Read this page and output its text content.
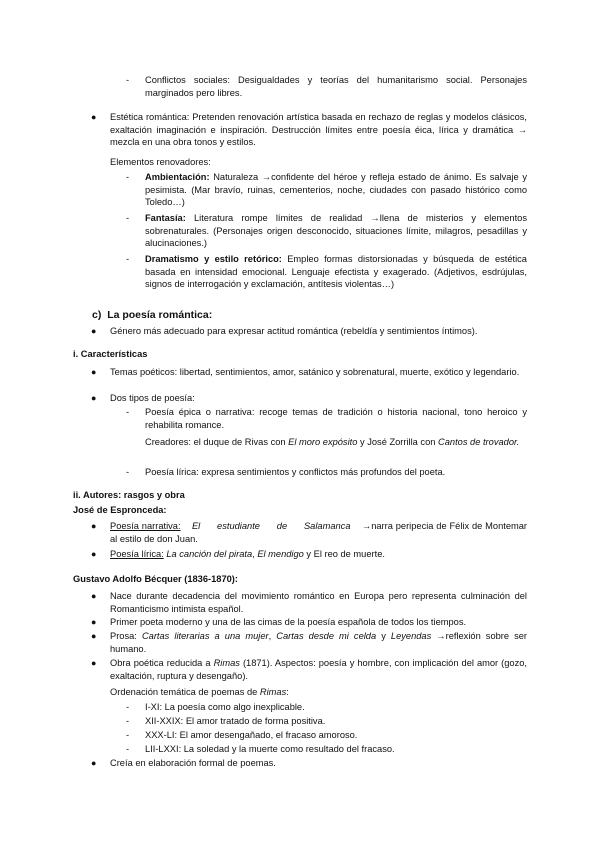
- Conflictos sociales: Desigualdades y teorías del humanitarismo social. Personajes marginados pero libres.
● Estética romántica: Pretenden renovación artística basada en rechazo de reglas y modelos clásicos, exaltación imaginación e inspiración. Destrucción límites entre poesía éica, lírica y dramática → mezcla en una obra tonos y estilos.
Elementos renovadores:
- Ambientación: Naturaleza →confidente del héroe y refleja estado de ánimo. Es salvaje y pesimista. (Mar bravío, ruinas, cementerios, noche, ciudades con pasado histórico como Toledo…)
- Fantasía: Literatura rompe límites de realidad →llena de misterios y elementos sobrenaturales. (Personajes origen desconocido, situaciones límite, milagros, pesadillas y alucinaciones.)
- Dramatismo y estilo retórico: Empleo formas distorsionadas y búsqueda de estética basada en intensidad emocional. Lenguaje efectista y exagerado. (Adjetivos, esdrújulas, signos de interrogación y exclamación, antítesis violentas…)
c) La poesía romántica:
● Género más adecuado para expresar actitud romántica (rebeldía y sentimientos íntimos).
i. Características
● Temas poéticos: libertad, sentimientos, amor, satánico y sobrenatural, muerte, exótico y legendario.
● Dos tipos de poesía:
- Poesía épica o narrativa: recoge temas de tradición o historia nacional, tono heroico y rehabilita romance.
Creadores: el duque de Rivas con El moro expósito y José Zorrilla con Cantos de trovador.
- Poesía lírica: expresa sentimientos y conflictos más profundos del poeta.
ii. Autores: rasgos y obra
José de Espronceda:
● Poesía narrativa: El estudiante de Salamanca →narra peripecia de Félix de Montemar al estilo de don Juan.
● Poesía lírica: La canción del pirata, El mendigo y El reo de muerte.
Gustavo Adolfo Bécquer (1836-1870):
● Nace durante decadencia del movimiento romántico en Europa pero representa culminación del Romanticismo intimista español.
● Primer poeta moderno y una de las cimas de la poesía española de todos los tiempos.
● Prosa: Cartas literarias a una mujer, Cartas desde mi celda y Leyendas →reflexión sobre ser humano.
● Obra poética reducida a Rimas (1871). Aspectos: poesía y hombre, con implicación del amor (gozo, exaltación, ruptura y desengaño).
Ordenación temática de poemas de Rimas:
- I-XI: La poesía como algo inexplicable.
- XII-XXIX: El amor tratado de forma positiva.
- XXX-LI: El amor desengañado, el fracaso amoroso.
- LII-LXXI: La soledad y la muerte como resultado del fracaso.
● Creía en elaboración formal de poemas.
